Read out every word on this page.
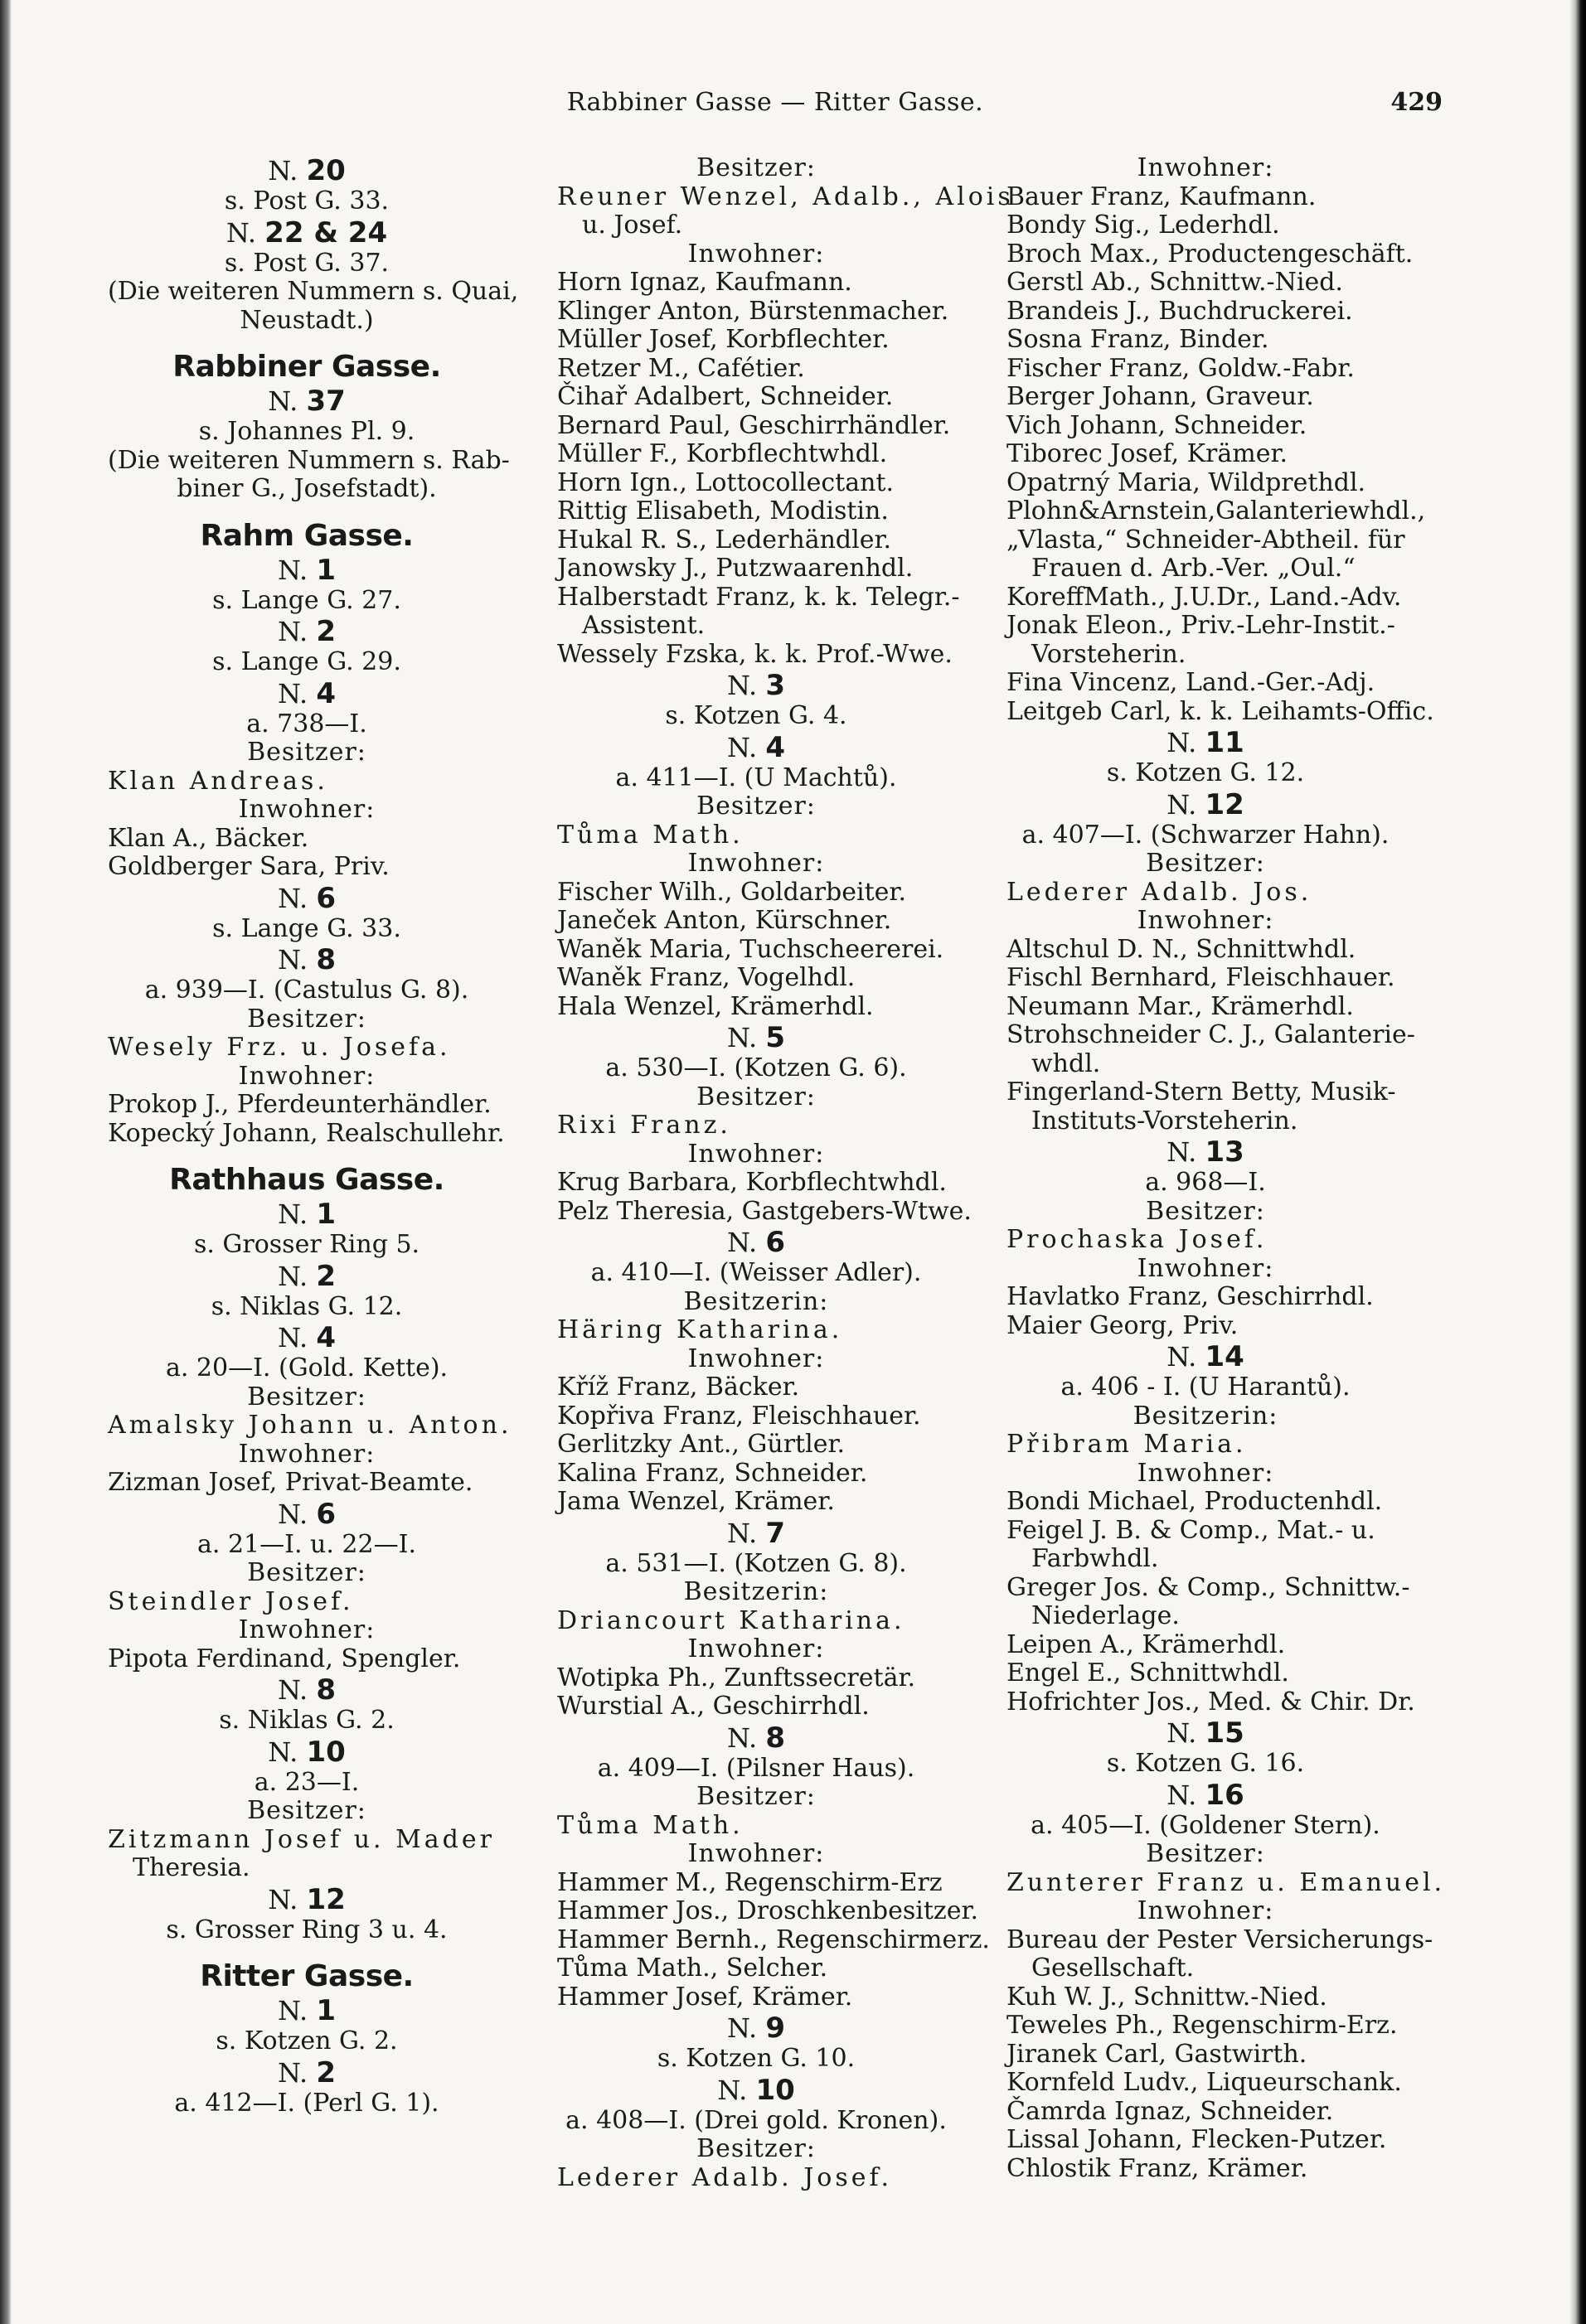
Rabbiner Gasse — Ritter Gasse.	429
N. 20
s. Post G. 33.
N. 22 & 24
s. Post G. 37.
(Die weiteren Nummern s. Quai,
Neustadt.)
Rabbiner Gasse.
N. 37
s. Johannes Pl. 9.
(Die weiteren Nummern s. Rab-
biner G., Josefstadt).
Rahm Gasse.
N. 1
s. Lange G. 27.
N. 2
s. Lange G. 29.
N. 4
a. 738—I.
Besitzer:
Klan Andreas.
Inwohner:
Klan A., Bäcker.
Goldberger Sara, Priv.
N. 6
s. Lange G. 33.
N. 8
a. 939—I. (Castulus G. 8).
Besitzer:
Wesely Frz. u. Josefa.
Inwohner:
Prokop J., Pferdeunterhändler.
Kopecký Johann, Realschullehr.
Rathhaus Gasse.
N. 1
s. Grosser Ring 5.
N. 2
s. Niklas G. 12.
N. 4
a. 20—I. (Gold. Kette).
Besitzer:
Amalsky Johann u. Anton.
Inwohner:
Zizman Josef, Privat-Beamte.
N. 6
a. 21—I. u. 22—I.
Besitzer:
Steindler Josef.
Inwohner:
Pipota Ferdinand, Spengler.
N. 8
s. Niklas G. 2.
N. 10
a. 23—I.
Besitzer:
Zitzmann Josef u. Mader
Theresia.
N. 12
s. Grosser Ring 3 u. 4.
Ritter Gasse.
N. 1
s. Kotzen G. 2.
N. 2
a. 412—I. (Perl G. 1).
Besitzer:
Reuner Wenzel, Adalb., Alois
u. Josef.
Inwohner:
Horn Ignaz, Kaufmann.
Klinger Anton, Bürstenmacher.
Müller Josef, Korbflechter.
Retzer M., Cafétier.
Čihař Adalbert, Schneider.
Bernard Paul, Geschirrhändler.
Müller F., Korbflechtwhdl.
Horn Ign., Lottocollectant.
Rittig Elisabeth, Modistin.
Hukal R. S., Lederhändler.
Janowsky J., Putzwaarenhdl.
Halberstadt Franz, k. k. Telegr.-
Assistent.
Wessely Fzska, k. k. Prof.-Wwe.
N. 3
s. Kotzen G. 4.
N. 4
a. 411—I. (U Machtů).
Besitzer:
Tůma Math.
Inwohner:
Fischer Wilh., Goldarbeiter.
Janeček Anton, Kürschner.
Waněk Maria, Tuchscheererei.
Waněk Franz, Vogelhdl.
Hala Wenzel, Krämerhdl.
N. 5
a. 530—I. (Kotzen G. 6).
Besitzer:
Rixi Franz.
Inwohner:
Krug Barbara, Korbflechtwhdl.
Pelz Theresia, Gastgebers-Wtwe.
N. 6
a. 410—I. (Weisser Adler).
Besitzerin:
Häring Katharina.
Inwohner:
Kříž Franz, Bäcker.
Kopřiva Franz, Fleischhauer.
Gerlitzky Ant., Gürtler.
Kalina Franz, Schneider.
Jama Wenzel, Krämer.
N. 7
a. 531—I. (Kotzen G. 8).
Besitzerin:
Driancourt Katharina.
Inwohner:
Wotipka Ph., Zunftssecretär.
Wurstial A., Geschirrhdl.
N. 8
a. 409—I. (Pilsner Haus).
Besitzer:
Tůma Math.
Inwohner:
Hammer M., Regenschirm-Erz
Hammer Jos., Droschkenbesitzer.
Hammer Bernh., Regenschirmerz.
Tůma Math., Selcher.
Hammer Josef, Krämer.
N. 9
s. Kotzen G. 10.
N. 10
a. 408—I. (Drei gold. Kronen).
Besitzer:
Lederer Adalb. Josef.
Inwohner:
Bauer Franz, Kaufmann.
Bondy Sig., Lederhdl.
Broch Max., Productengeschäft.
Gerstl Ab., Schnittw.-Nied.
Brandeis J., Buchdruckerei.
Sosna Franz, Binder.
Fischer Franz, Goldw.-Fabr.
Berger Johann, Graveur.
Vich Johann, Schneider.
Tiborec Josef, Krämer.
Opatrný Maria, Wildprethdl.
Plohn&Arnstein,Galanteriewhdl.,
„Vlasta,“ Schneider-Abtheil. für
Frauen d. Arb.-Ver. „Oul.“
KoreffMath., J.U.Dr., Land.-Adv.
Jonak Eleon., Priv.-Lehr-Instit.-
Vorsteherin.
Fina Vincenz, Land.-Ger.-Adj.
Leitgeb Carl, k. k. Leihamts-Offic.
N. 11
s. Kotzen G. 12.
N. 12
a. 407—I. (Schwarzer Hahn).
Besitzer:
Lederer Adalb. Jos.
Inwohner:
Altschul D. N., Schnittwhdl.
Fischl Bernhard, Fleischhauer.
Neumann Mar., Krämerhdl.
Strohschneider C. J., Galanterie-
whdl.
Fingerland-Stern Betty, Musik-
Instituts-Vorsteherin.
N. 13
a. 968—I.
Besitzer:
Prochaska Josef.
Inwohner:
Havlatko Franz, Geschirrhdl.
Maier Georg, Priv.
N. 14
a. 406 - I. (U Harantů).
Besitzerin:
Přibram Maria.
Inwohner:
Bondi Michael, Productenhdl.
Feigel J. B. & Comp., Mat.- u.
Farbwhdl.
Greger Jos. & Comp., Schnittw.-
Niederlage.
Leipen A., Krämerhdl.
Engel E., Schnittwhdl.
Hofrichter Jos., Med. & Chir. Dr.
N. 15
s. Kotzen G. 16.
N. 16
a. 405—I. (Goldener Stern).
Besitzer:
Zunterer Franz u. Emanuel.
Inwohner:
Bureau der Pester Versicherungs-
Gesellschaft.
Kuh W. J., Schnittw.-Nied.
Teweles Ph., Regenschirm-Erz.
Jiranek Carl, Gastwirth.
Kornfeld Ludv., Liqueurschank.
Čamrda Ignaz, Schneider.
Lissal Johann, Flecken-Putzer.
Chlostik Franz, Krämer.
